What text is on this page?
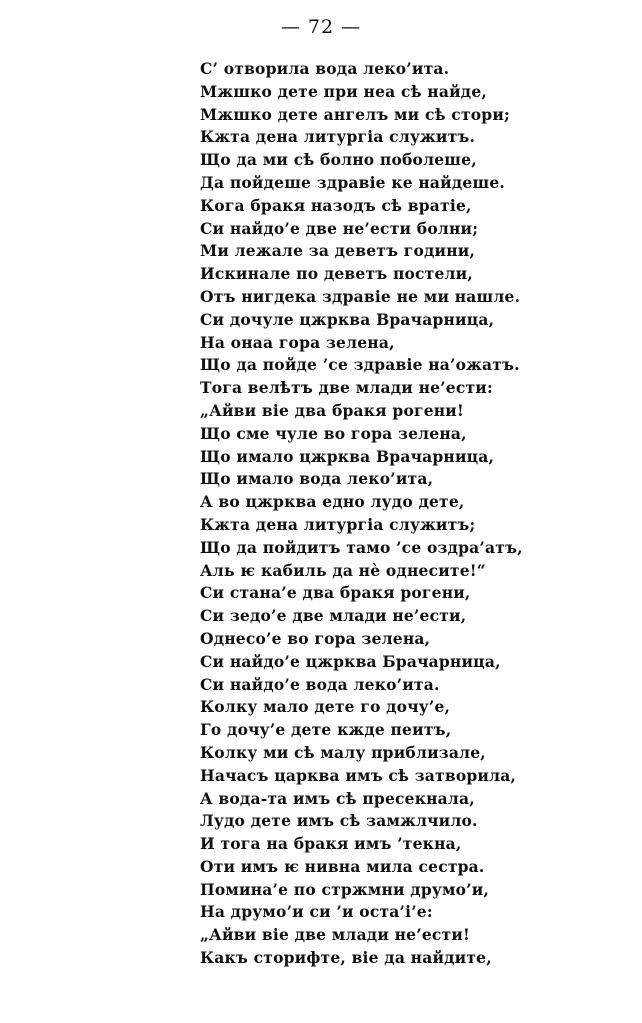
— 72 —
С’ отворила вода леко’ита.
Мжшко дете при неа сѣ найде,
Мжшко дете ангелъ ми сѣ стори;
Кжта дена литургіа служитъ.
Що да ми сѣ болно поболеше,
Да пойдеше здравіе ке найдеше.
Кога бракя назодъ сѣ вратіе,
Си найдо’е две не’ести болни;
Ми лежале за деветъ години,
Искинале по деветъ постели,
Отъ нигдека здравіе не ми нашле.
Си дочуле цжрква Врачарница,
На онаа гора зелена,
Що да пойде ’се здравіе на’ожатъ.
Тога велѣтъ две млади не’ести:
„Айви віе два бракя рогени!
Що сме чуле во гора зелена,
Що имало цжрква Врачарница,
Що имало вода леко’ита,
А во цжрква едно лудо дете,
Кжта дена литургіа служитъ;
Що да пойдитъ тамо ’се оздра’атъ,
Аль ѥ кабиль да нѐ однесите!“
Си стана’е два бракя рогени,
Си зедо’е две млади не’ести,
Однесо’е во гора зелена,
Си найдо’е цжрква Брачарница,
Си найдо’е вода леко’ита.
Колку мало дете го дочу’е,
Го дочу’е дете кжде пеитъ,
Колку ми сѣ малу приблизале,
Начасъ царква имъ сѣ затворила,
А вода-та имъ сѣ пресекнала,
Лудо дете имъ сѣ замжлчило.
И тога на бракя имъ ’текна,
Оти имъ ѥ нивна мила сестра.
Помина’е по стржмни друмо’и,
На друмо’и си ’и оста’і’е:
„Айви віе две млади не’ести!
Какъ сторифте, віе да найдите,
